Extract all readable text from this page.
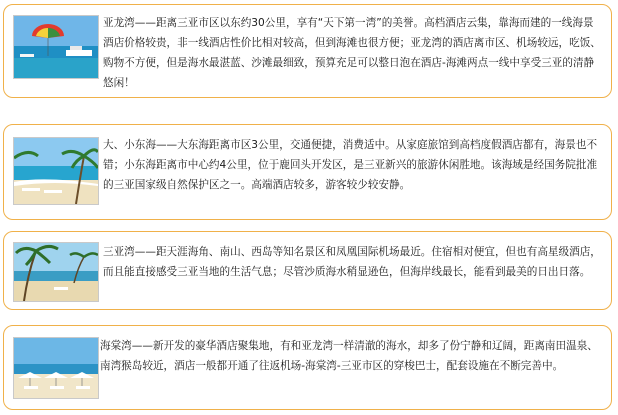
亚龙湾——距离三亚市区以东约30公里，享有“天下第一湾”的美誉。高档酒店云集，靠海而建的一线海景酒店价格较贵，非一线酒店性价比相对较高，但到海滩也很方便；亚龙湾的酒店离市区、机场较远，吃饭、购物不方便，但是海水最湛蓝、沙滩最细致，预算充足可以整日泡在酒店-海滩两点一线中享受三亚的清静悠闲！

大、小东海——大东海距离市区3公里，交通便捷，消费适中。从家庭旅馆到高档度假酒店都有，海景也不错；小东海距离市中心约4公里，位于鹿回头开发区，是三亚新兴的旅游休闲胜地。该海域是经国务院批准的三亚国家级自然保护区之一。高端酒店较多，游客较少较安静。

三亚湾——距天涯海角、南山、西岛等知名景区和凤凰国际机场最近。住宿相对便宜，但也有高星级酒店，而且能直接感受三亚当地的生活气息；尽管沙质海水稍显逊色，但海岸线最长，能看到最美的日出日落。

海棠湾——新开发的豪华酒店聚集地，有和亚龙湾一样清澈的海水，却多了份宁静和辽阔，距离南田温泉、南湾猴岛较近，酒店一般都开通了往返机场-海棠湾-三亚市区的穿梭巴士，配套设施在不断完善中。
